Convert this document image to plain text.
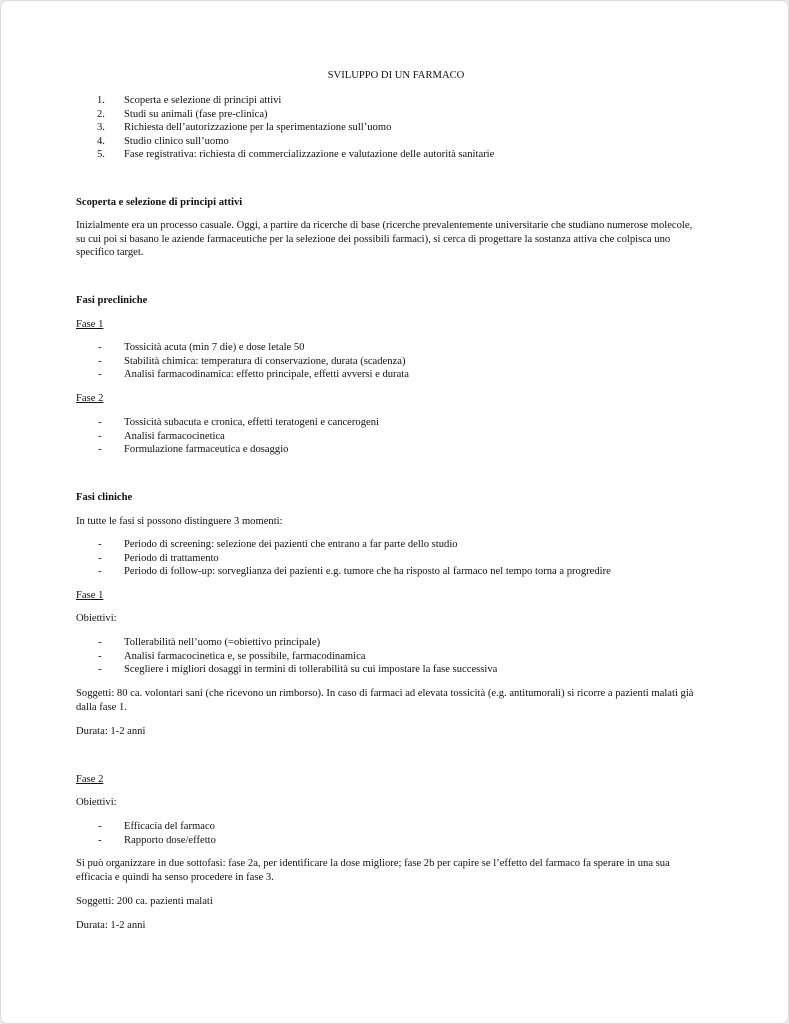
SVILUPPO DI UN FARMACO
1. Scoperta e selezione di principi attivi
2. Studi su animali (fase pre-clinica)
3. Richiesta dell’autorizzazione per la sperimentazione sull’uomo
4. Studio clinico sull’uomo
5. Fase registrativa: richiesta di commercializzazione e valutazione delle autorità sanitarie
Scoperta e selezione di principi attivi
Inizialmente era un processo casuale. Oggi, a partire da ricerche di base (ricerche prevalentemente universitarie che studiano numerose molecole, su cui poi si basano le aziende farmaceutiche per la selezione dei possibili farmaci), si cerca di progettare la sostanza attiva che colpisca uno specifico target.
Fasi precliniche
Fase 1
- Tossicità acuta (min 7 die) e dose letale 50
- Stabilità chimica: temperatura di conservazione, durata (scadenza)
- Analisi farmacodinamica: effetto principale, effetti avversi e durata
Fase 2
- Tossicità subacuta e cronica, effetti teratogeni e cancerogeni
- Analisi farmacocinetica
- Formulazione farmaceutica e dosaggio
Fasi cliniche
In tutte le fasi si possono distinguere 3 momenti:
- Periodo di screening: selezione dei pazienti che entrano a far parte dello studio
- Periodo di trattamento
- Periodo di follow-up: sorveglianza dei pazienti e.g. tumore che ha risposto al farmaco nel tempo torna a progredire
Fase 1
Obiettivi:
- Tollerabilità nell’uomo (=obiettivo principale)
- Analisi farmacocinetica e, se possibile, farmacodinamica
- Scegliere i migliori dosaggi in termini di tollerabilità su cui impostare la fase successiva
Soggetti: 80 ca. volontari sani (che ricevono un rimborso). In caso di farmaci ad elevata tossicità (e.g. antitumorali) si ricorre a pazienti malati già dalla fase 1.
Durata: 1-2 anni
Fase 2
Obiettivi:
- Efficacia del farmaco
- Rapporto dose/effetto
Si può organizzare in due sottofasi: fase 2a, per identificare la dose migliore; fase 2b per capire se l’effetto del farmaco fa sperare in una sua efficacia e quindi ha senso procedere in fase 3.
Soggetti: 200 ca. pazienti malati
Durata: 1-2 anni
